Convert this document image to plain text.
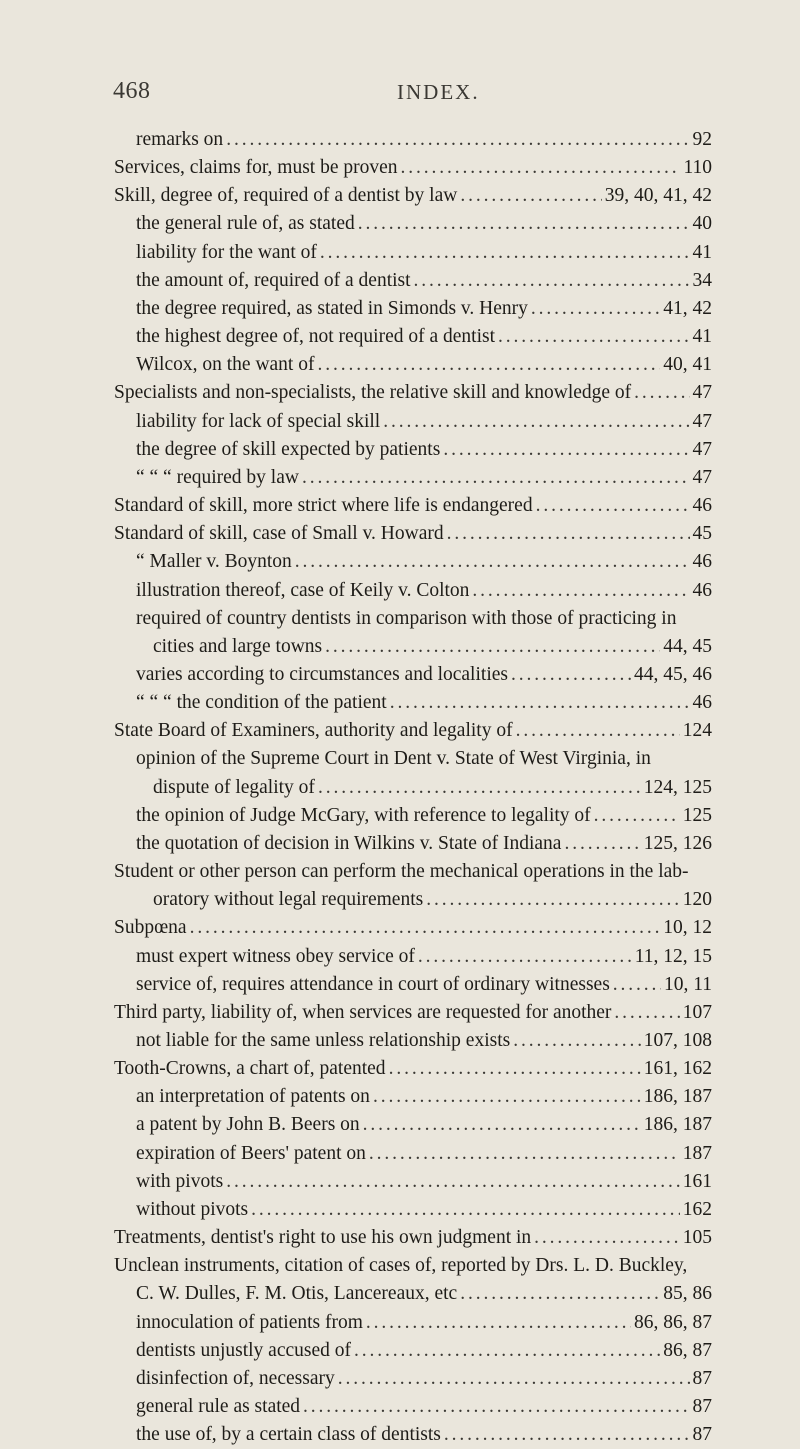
468	INDEX.
remarks on . . .	92
Services, claims for, must be proven . . .	110
Skill, degree of, required of a dentist by law . . .	39, 40, 41, 42
the general rule of, as stated . . .	40
liability for the want of . . .	41
the amount of, required of a dentist . . .	34
the degree required, as stated in Simonds v. Henry . . .	41, 42
the highest degree of, not required of a dentist . . .	41
Wilcox, on the want of . . .	40, 41
Specialists and non-specialists, the relative skill and knowledge of . . .	47
liability for lack of special skill . . .	47
the degree of skill expected by patients . . .	47
“ “ “ required by law . . .	47
Standard of skill, more strict where life is endangered . . .	46
Standard of skill, case of Small v. Howard . . .	45
“ Maller v. Boynton . . .	46
illustration thereof, case of Keily v. Colton . . .	46
required of country dentists in comparison with those of practicing in
cities and large towns . . .	44, 45
varies according to circumstances and localities . . .	44, 45, 46
“ “ “ the condition of the patient . . .	46
State Board of Examiners, authority and legality of . . .	124
opinion of the Supreme Court in Dent v. State of West Virginia, in
dispute of legality of . . .	124, 125
the opinion of Judge McGary, with reference to legality of . . .	125
the quotation of decision in Wilkins v. State of Indiana . . .	125, 126
Student or other person can perform the mechanical operations in the lab-
oratory without legal requirements . . .	120
Subpœna . . .	10, 12
must expert witness obey service of . . .	11, 12, 15
service of, requires attendance in court of ordinary witnesses . . .	10, 11
Third party, liability of, when services are requested for another . . .	107
not liable for the same unless relationship exists . . .	107, 108
Tooth-Crowns, a chart of, patented . . .	161, 162
an interpretation of patents on . . .	186, 187
a patent by John B. Beers on . . .	186, 187
expiration of Beers' patent on . . .	187
with pivots . . .	161
without pivots . . .	162
Treatments, dentist's right to use his own judgment in . . .	105
Unclean instruments, citation of cases of, reported by Drs. L. D. Buckley,
C. W. Dulles, F. M. Otis, Lancereaux, etc . . .	85, 86
innoculation of patients from . . .	86, 86, 87
dentists unjustly accused of . . .	86, 87
disinfection of, necessary . . .	87
general rule as stated . . .	87
the use of, by a certain class of dentists . . .	87
